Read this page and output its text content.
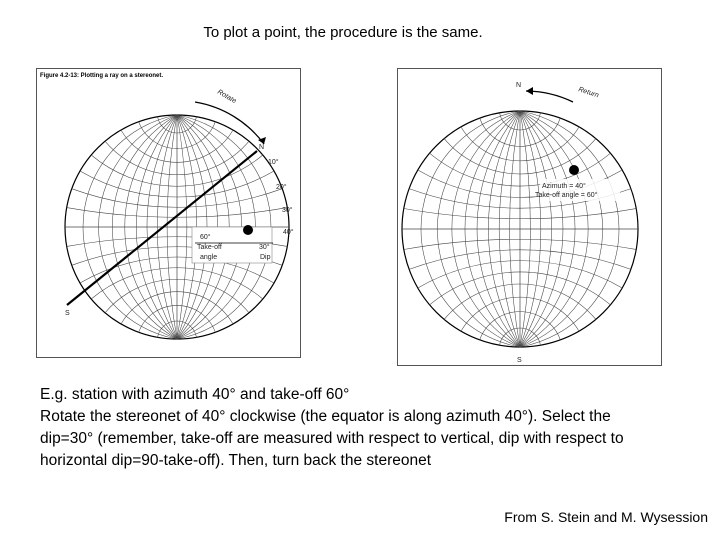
To plot a point, the procedure is the same.
Figure 4.2-13: Plotting a ray on a stereonet.
Rotate
N
S
10°
20°
30°
40°
60°
Take-off
angle
30°
Dip
Return
N
S
Azimuth = 40°
Take-off angle = 60°
E.g. station with azimuth 40° and take-off 60°
Rotate the stereonet of 40° clockwise (the equator is along azimuth 40°). Select the
dip=30° (remember, take-off are measured with respect to vertical, dip with respect to
horizontal dip=90-take-off). Then, turn back the stereonet
From S. Stein and M. Wysession
